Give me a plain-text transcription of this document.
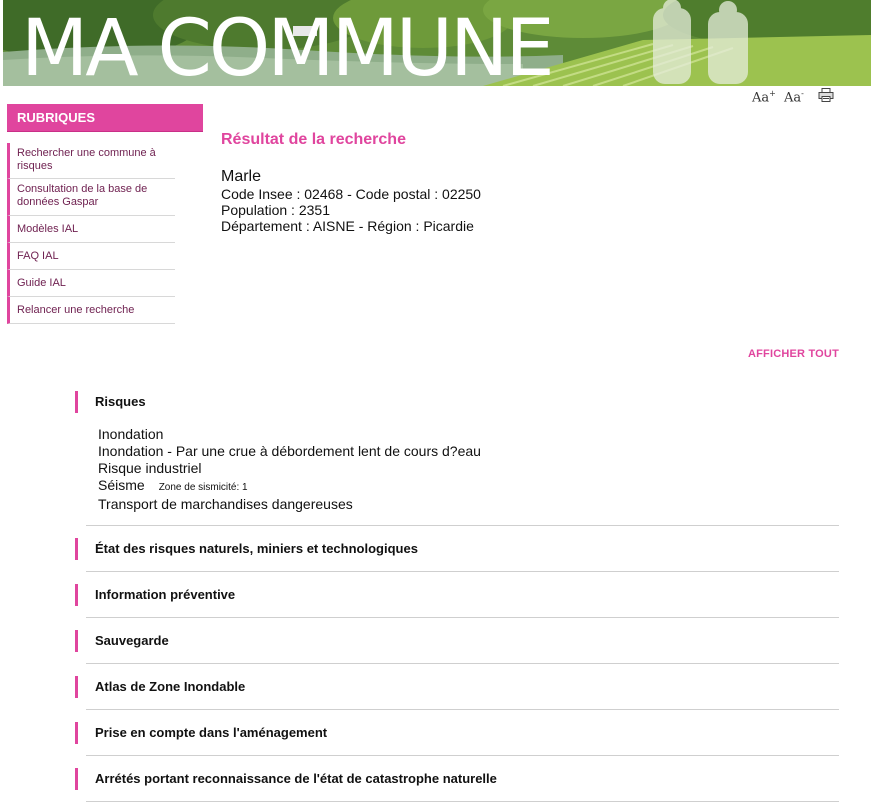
MA COMMUNE
Aa+ Aa-
RUBRIQUES
Rechercher une commune à risques
Consultation de la base de données Gaspar
Modèles IAL
FAQ IAL
Guide IAL
Relancer une recherche
Résultat de la recherche
Marle
Code Insee : 02468 - Code postal : 02250
Population : 2351
Département : AISNE - Région : Picardie
AFFICHER TOUT
Risques
Inondation
Inondation - Par une crue à débordement lent de cours d?eau
Risque industriel
Séisme Zone de sismicité: 1
Transport de marchandises dangereuses
État des risques naturels, miniers et technologiques
Information préventive
Sauvegarde
Atlas de Zone Inondable
Prise en compte dans l'aménagement
Arrétés portant reconnaissance de l'état de catastrophe naturelle
